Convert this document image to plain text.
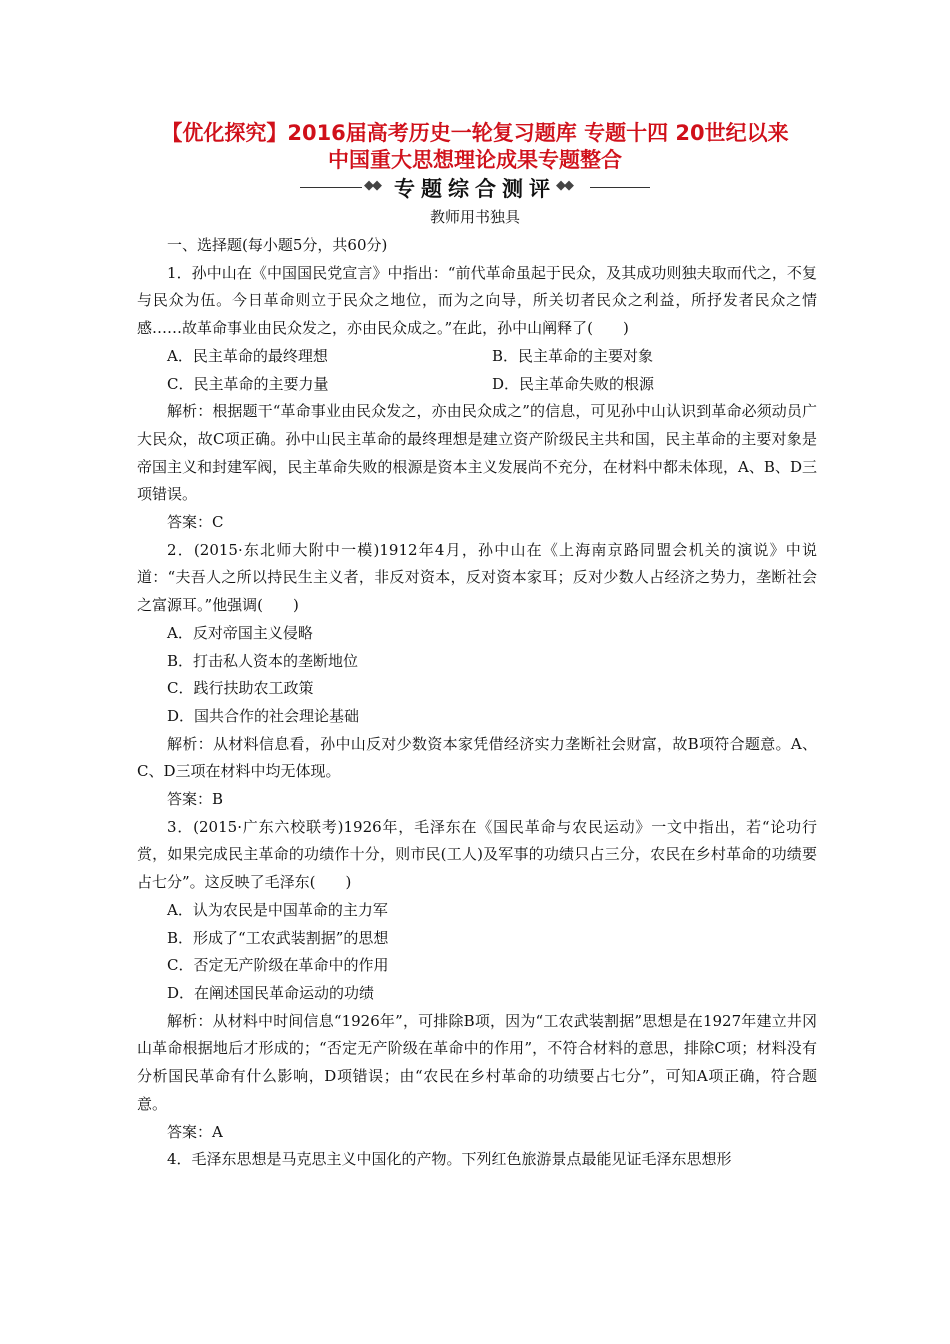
【优化探究】2016届高考历史一轮复习题库 专题十四 20世纪以来
中国重大思想理论成果专题整合
◆◆ 专题综合测评 ◆◆
教师用书独具

一、选择题(每小题5分，共60分)

1．孙中山在《中国国民党宣言》中指出：“前代革命虽起于民众，及其成功则独夫取而代之，不复与民众为伍。今日革命则立于民众之地位，而为之向导，所关切者民众之利益，所抒发者民众之情感……故革命事业由民众发之，亦由民众成之。”在此，孙中山阐释了(　　)

A．民主革命的最终理想	B．民主革命的主要对象
C．民主革命的主要力量	D．民主革命失败的根源

解析：根据题干“革命事业由民众发之，亦由民众成之”的信息，可见孙中山认识到革命必须动员广大民众，故C项正确。孙中山民主革命的最终理想是建立资产阶级民主共和国，民主革命的主要对象是帝国主义和封建军阀，民主革命失败的根源是资本主义发展尚不充分，在材料中都未体现，A、B、D三项错误。

答案：C

2．(2015·东北师大附中一模)1912年4月，孙中山在《上海南京路同盟会机关的演说》中说道：“夫吾人之所以持民生主义者，非反对资本，反对资本家耳；反对少数人占经济之势力，垄断社会之富源耳。”他强调(　　)

A．反对帝国主义侵略

B．打击私人资本的垄断地位

C．践行扶助农工政策

D．国共合作的社会理论基础

解析：从材料信息看，孙中山反对少数资本家凭借经济实力垄断社会财富，故B项符合题意。A、C、D三项在材料中均无体现。

答案：B

3．(2015·广东六校联考)1926年，毛泽东在《国民革命与农民运动》一文中指出，若“论功行赏，如果完成民主革命的功绩作十分，则市民(工人)及军事的功绩只占三分，农民在乡村革命的功绩要占七分”。这反映了毛泽东(　　)

A．认为农民是中国革命的主力军

B．形成了“工农武装割据”的思想

C．否定无产阶级在革命中的作用

D．在阐述国民革命运动的功绩

解析：从材料中时间信息“1926年”，可排除B项，因为“工农武装割据”思想是在1927年建立井冈山革命根据地后才形成的；“否定无产阶级在革命中的作用”，不符合材料的意思，排除C项；材料没有分析国民革命有什么影响，D项错误；由“农民在乡村革命的功绩要占七分”，可知A项正确，符合题意。

答案：A

4．毛泽东思想是马克思主义中国化的产物。下列红色旅游景点最能见证毛泽东思想形
